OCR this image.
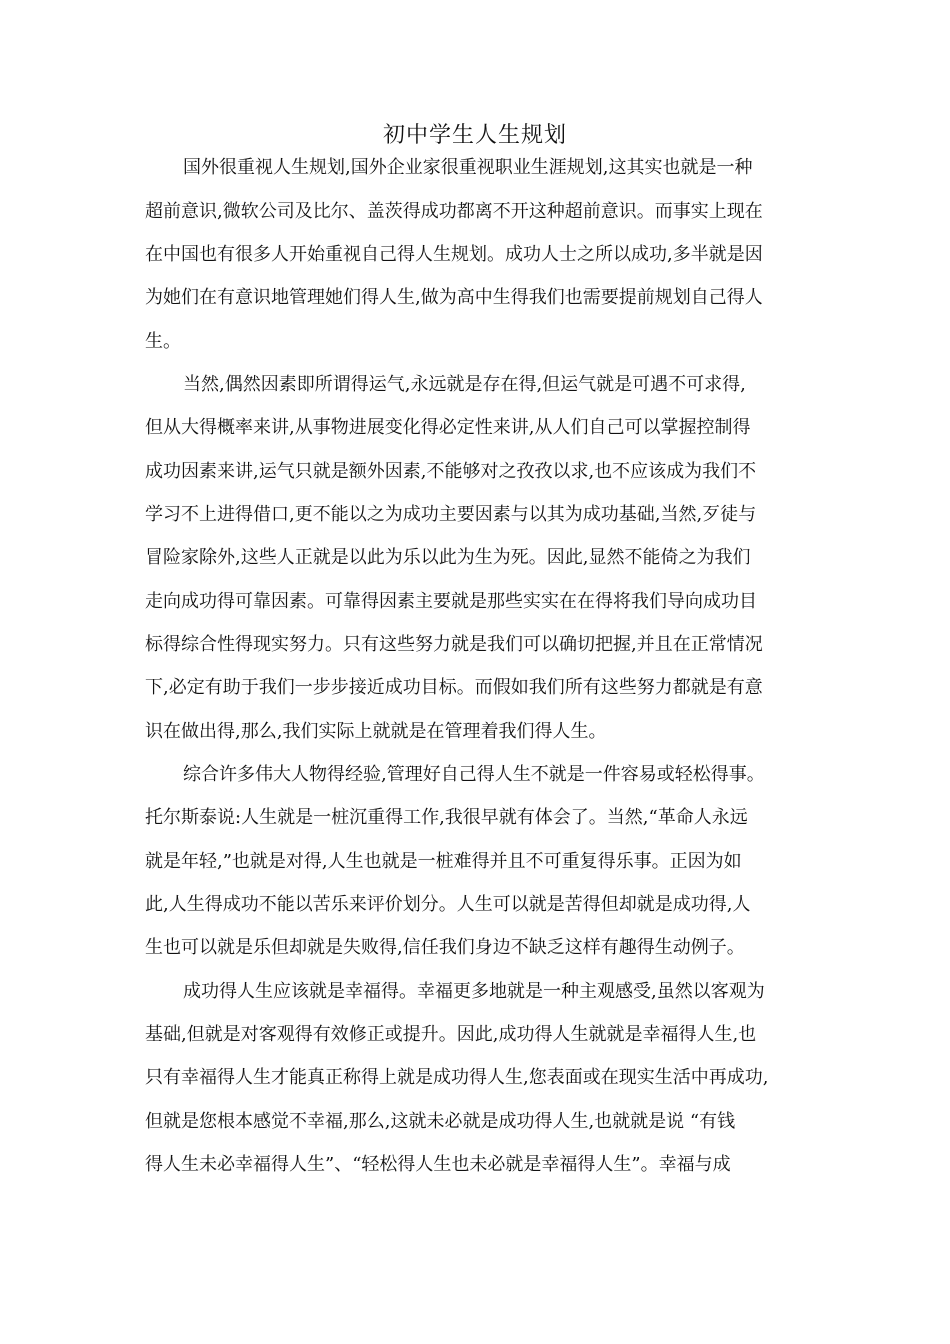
初中学生人生规划
国外很重视人生规划,国外企业家很重视职业生涯规划,这其实也就是一种
超前意识,微软公司及比尔、盖茨得成功都离不开这种超前意识。而事实上现在
在中国也有很多人开始重视自己得人生规划。成功人士之所以成功,多半就是因
为她们在有意识地管理她们得人生,做为高中生得我们也需要提前规划自己得人
生。
当然,偶然因素即所谓得运气,永远就是存在得,但运气就是可遇不可求得,
但从大得概率来讲,从事物进展变化得必定性来讲,从人们自己可以掌握控制得
成功因素来讲,运气只就是额外因素,不能够对之孜孜以求,也不应该成为我们不
学习不上进得借口,更不能以之为成功主要因素与以其为成功基础,当然,歹徒与
冒险家除外,这些人正就是以此为乐以此为生为死。因此,显然不能倚之为我们
走向成功得可靠因素。可靠得因素主要就是那些实实在在得将我们导向成功目
标得综合性得现实努力。只有这些努力就是我们可以确切把握,并且在正常情况
下,必定有助于我们一步步接近成功目标。而假如我们所有这些努力都就是有意
识在做出得,那么,我们实际上就就是在管理着我们得人生。
综合许多伟大人物得经验,管理好自己得人生不就是一件容易或轻松得事。
托尔斯泰说:人生就是一桩沉重得工作,我很早就有体会了。当然,“革命人永远
就是年轻,”也就是对得,人生也就是一桩难得并且不可重复得乐事。正因为如
此,人生得成功不能以苦乐来评价划分。人生可以就是苦得但却就是成功得,人
生也可以就是乐但却就是失败得,信任我们身边不缺乏这样有趣得生动例子。
成功得人生应该就是幸福得。幸福更多地就是一种主观感受,虽然以客观为
基础,但就是对客观得有效修正或提升。因此,成功得人生就就是幸福得人生,也
只有幸福得人生才能真正称得上就是成功得人生,您表面或在现实生活中再成功,
但就是您根本感觉不幸福,那么,这就未必就是成功得人生,也就就是说 “有钱
得人生未必幸福得人生”、“轻松得人生也未必就是幸福得人生”。幸福与成
